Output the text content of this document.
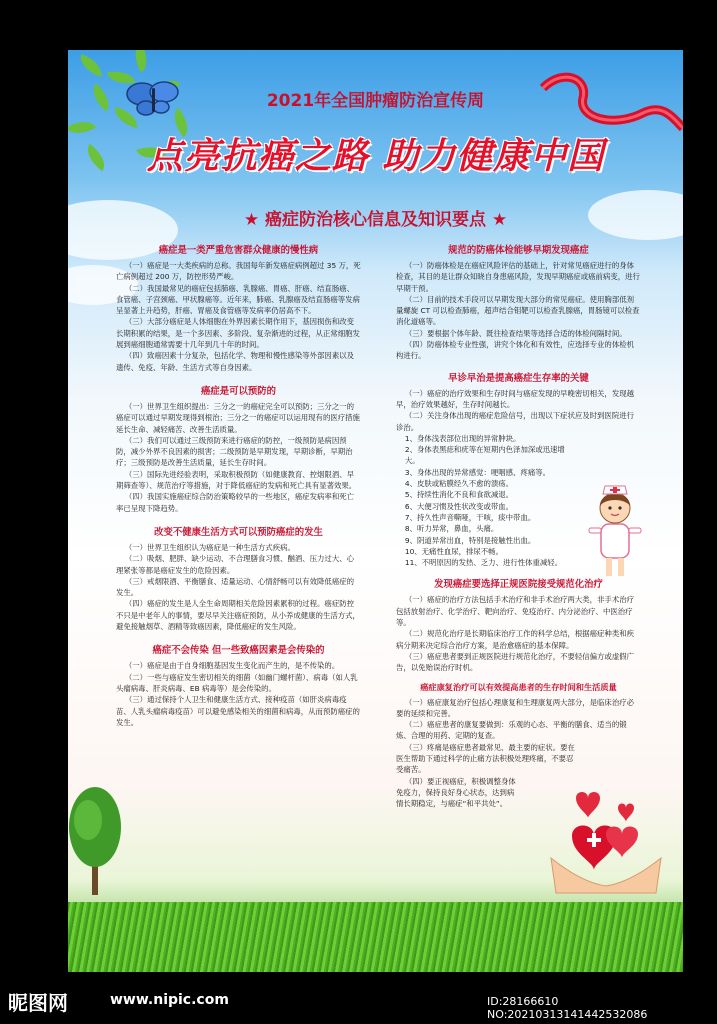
2021年全国肿瘤防治宣传周
点亮抗癌之路 助力健康中国
★ 癌症防治核心信息及知识要点 ★
癌症是一类严重危害群众健康的慢性病

（一）癌症是一大类疾病的总称。我国每年新发癌症病例超过 35 万，死亡病例超过 200 万，防控形势严峻。

（二）我国最常见的癌症包括肺癌、乳腺癌、胃癌、肝癌、结直肠癌、食管癌、子宫颈癌、甲状腺癌等。近年来，肺癌、乳腺癌及结直肠癌等发病呈显著上升趋势，肝癌、胃癌及食管癌等发病率仍居高不下。

（三）大部分癌症是人体细胞在外界因素长期作用下，基因损伤和改变长期积累的结果，是一个多因素、多阶段、复杂渐进的过程，从正常细胞发展到癌细胞通常需要十几年到几十年的时间。

（四）致癌因素十分复杂，包括化学、物理和慢性感染等外部因素以及遗传、免疫、年龄、生活方式等自身因素。

癌症是可以预防的

（一）世界卫生组织提出：三分之一的癌症完全可以预防；三分之一的癌症可以通过早期发现得到根治；三分之一的癌症可以运用现有的医疗措施延长生命、减轻痛苦、改善生活质量。

（二）我们可以通过三级预防来进行癌症的防控，一级预防是病因预防，减少外界不良因素的损害；二级预防是早期发现，早期诊断，早期治疗；三级预防是改善生活质量，延长生存时间。

（三）国际先进经验表明，采取积极预防（如健康教育、控烟限酒、早期筛查等）、规范治疗等措施，对于降低癌症的发病和死亡具有显著效果。

（四）我国实施癌症综合防治策略较早的一些地区，癌症发病率和死亡率已呈现下降趋势。

改变不健康生活方式可以预防癌症的发生

（一）世界卫生组织认为癌症是一种生活方式疾病。

（二）吸烟、肥胖、缺少运动、不合理膳食习惯、酗酒、压力过大、心理紧张等都是癌症发生的危险因素。

（三）戒烟限酒、平衡膳食、适量运动、心情舒畅可以有效降低癌症的发生。

（四）癌症的发生是人全生命周期相关危险因素累积的过程。癌症防控不只是中老年人的事情，要尽早关注癌症预防，从小养成健康的生活方式，避免接触烟草、酒精等致癌因素，降低癌症的发生风险。

癌症不会传染 但一些致癌因素是会传染的

（一）癌症是由于自身细胞基因发生变化而产生的，是不传染的。

（二）一些与癌症发生密切相关的细菌（如幽门螺杆菌）、病毒（如人乳头瘤病毒、肝炎病毒、EB 病毒等）是会传染的。

（三）通过保持个人卫生和健康生活方式、接种疫苗（如肝炎病毒疫苗、人乳头瘤病毒疫苗）可以避免感染相关的细菌和病毒，从而预防癌症的发生。

规范的防癌体检能够早期发现癌症

（一）防癌体检是在癌症风险评估的基础上，针对常见癌症进行的身体检查，其目的是让群众知晓自身患癌风险，发现早期癌症或癌前病变，进行早期干预。

（二）目前的技术手段可以早期发现大部分的常见癌症。使用胸部低剂量螺旋 CT 可以检查肺癌，超声结合钼靶可以检查乳腺癌，胃肠镜可以检查消化道癌等。

（三）要根据个体年龄、既往检查结果等选择合适的体检间隔时间。

（四）防癌体检专业性强，讲究个体化和有效性，应选择专业的体检机构进行。

早诊早治是提高癌症生存率的关键

（一）癌症的治疗效果和生存时间与癌症发现的早晚密切相关，发现越早，治疗效果越好，生存时间越长。

（二）关注身体出现的癌症危险信号，出现以下症状应及时到医院进行诊治。

1、身体浅表部位出现的异常肿块。

2、身体表黑痣和疣等在短期内色泽加深或迅速增大。

3、身体出现的异常感觉：哽咽感、疼痛等。

4、皮肤或粘膜经久不愈的溃疡。

5、持续性消化不良和食欲减退。

6、大便习惯及性状改变或带血。

7、持久性声音嘶哑，干咳，痰中带血。

8、听力异常，鼻血，头痛。

9、阴道异常出血，特别是接触性出血。

10、无痛性血尿，排尿不畅。

11、不明原因的发热、乏力、进行性体重减轻。

发现癌症要选择正规医院接受规范化治疗

（一）癌症的治疗方法包括手术治疗和非手术治疗两大类，非手术治疗包括放射治疗、化学治疗、靶向治疗、免疫治疗、内分泌治疗、中医治疗等。

（二）规范化治疗是长期临床治疗工作的科学总结，根据癌症种类和疾病分期来决定综合治疗方案，是治愈癌症的基本保障。

（三）癌症患者要到正规医院进行规范化治疗，不要轻信偏方或虚假广告，以免贻误治疗时机。

癌症康复治疗可以有效提高患者的生存时间和生活质量

（一）癌症康复治疗包括心理康复和生理康复两大部分，是临床治疗必要的延续和完善。

（二）癌症患者的康复要做到：乐观的心态、平衡的膳食、适当的锻炼、合理的用药、定期的复查。

（三）疼痛是癌症患者最常见、最主要的症状。要在医生帮助下通过科学的止痛方法积极处理疼痛，不要忍受痛苦。

（四）要正视癌症，积极调整身体免疫力，保持良好身心状态，达到病情长期稳定，与癌症“和平共处”。

昵图网	www.nipic.com	ID:28166610 NO:20210313141442532086
